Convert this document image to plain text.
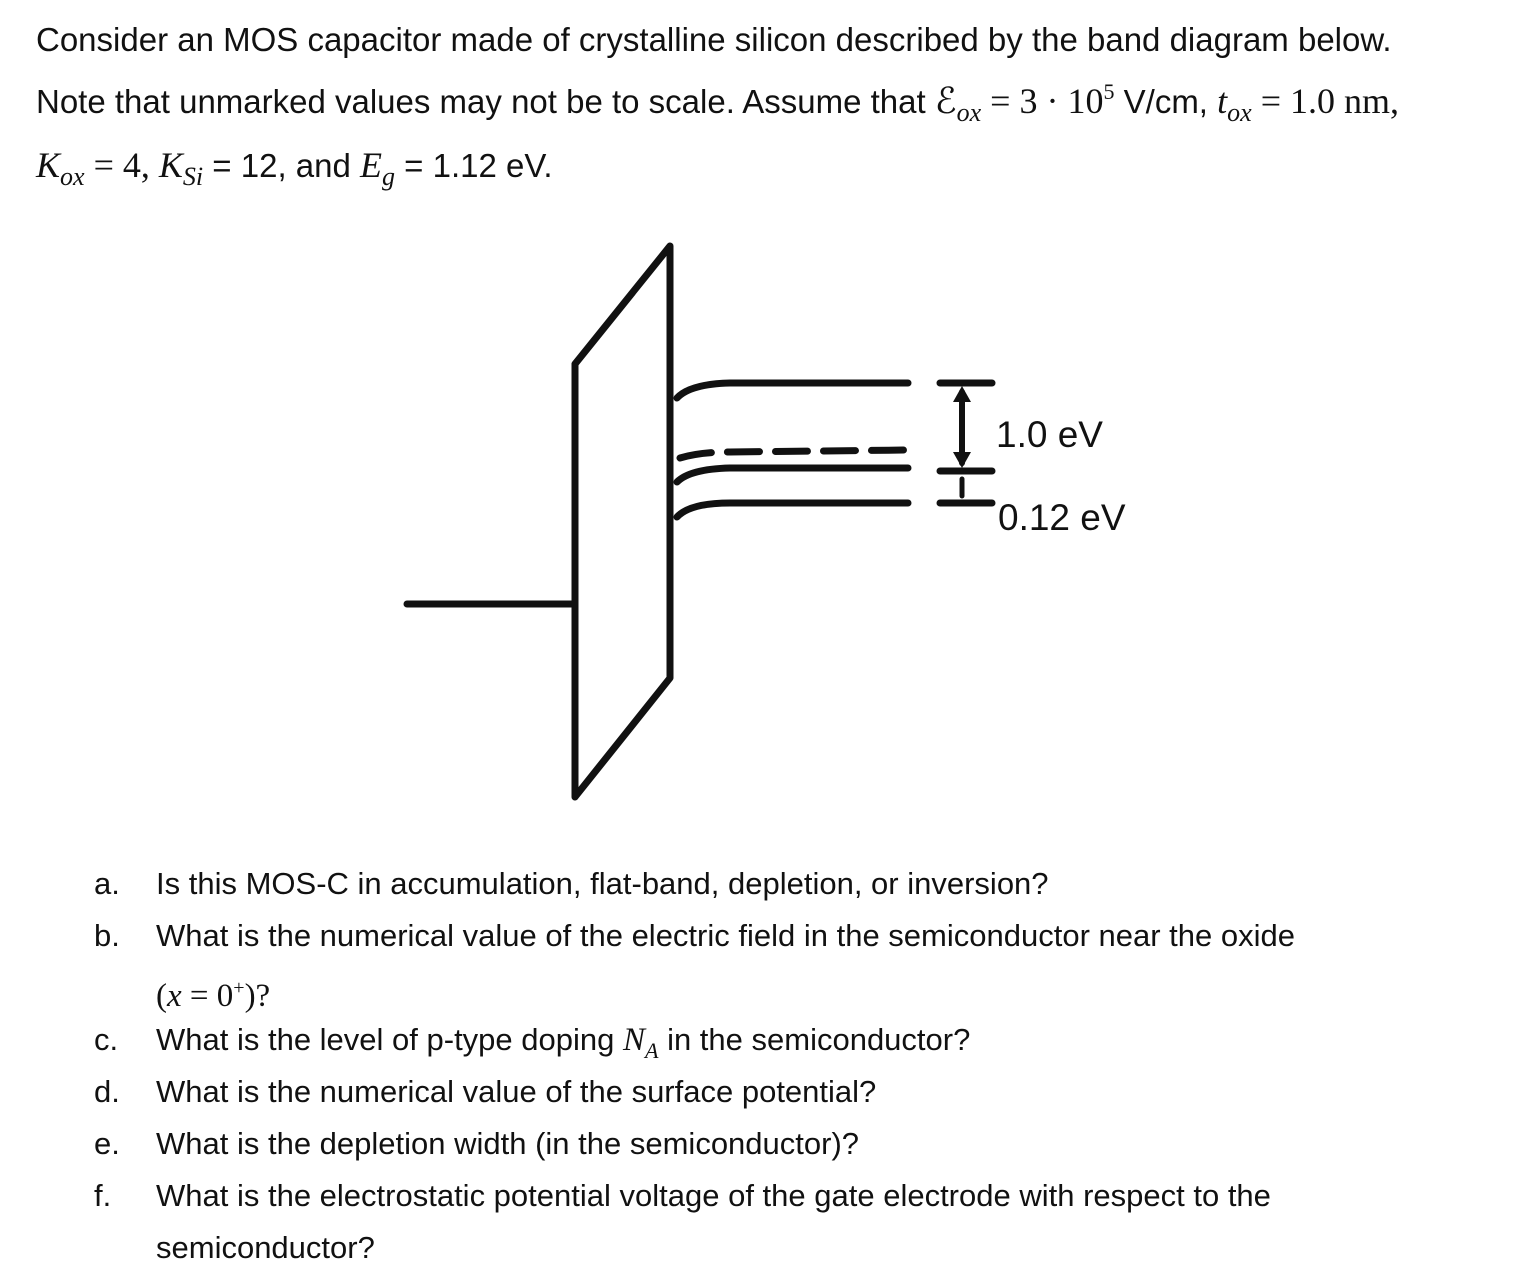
Consider an MOS capacitor made of crystalline silicon described by the band diagram below.

Note that unmarked values may not be to scale. Assume that ℰ$_{ox}$ = $3 \cdot 10^5$ V/cm, $t_{ox} = 1.0$ nm,

$K_{ox} = 4$, $K_{Si} = 12$, and $E_g = 1.12$ eV.

1.0 eV
0.12 eV
a. Is this MOS-C in accumulation, flat-band, depletion, or inversion?
b. What is the numerical value of the electric field in the semiconductor near the oxide
(x = 0+)?
c. What is the level of p-type doping $N_A$ in the semiconductor?
d. What is the numerical value of the surface potential?
e. What is the depletion width (in the semiconductor)?
f. What is the electrostatic potential voltage of the gate electrode with respect to the
semiconductor?
